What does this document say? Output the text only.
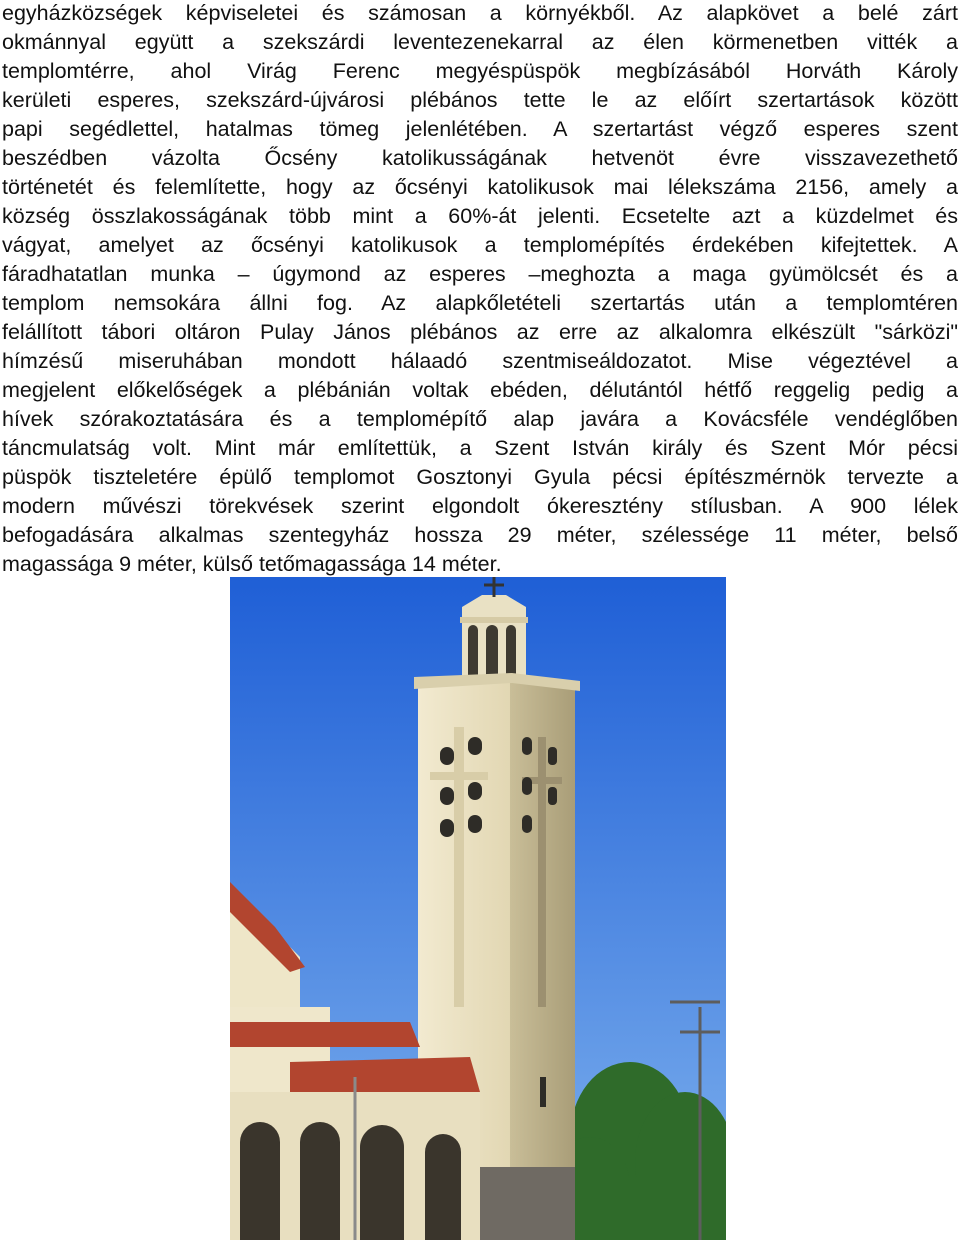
egyházközségek képviseletei és számosan a környékből. Az alapkövet a belé zárt
okmánnyal együtt a szekszárdi leventezenekarral az élen körmenetben vitték a
templomtérre, ahol Virág Ferenc megyéspüspök megbízásából Horváth Károly
kerületi esperes, szekszárd-újvárosi plébános tette le az előírt szertartások között
papi segédlettel, hatalmas tömeg jelenlétében. A szertartást végző esperes szent
beszédben vázolta Őcsény katolikusságának hetvenöt évre visszavezethető
történetét és felemlítette, hogy az őcsényi katolikusok mai lélekszáma 2156, amely a
község összlakosságának több mint a 60%-át jelenti. Ecsetelte azt a küzdelmet és
vágyat, amelyet az őcsényi katolikusok a templomépítés érdekében kifejtettek. A
fáradhatatlan munka – úgymond az esperes –meghozta a maga gyümölcsét és a
templom nemsokára állni fog. Az alapkőletételi szertartás után a templomtéren
felállított tábori oltáron Pulay János plébános az erre az alkalomra elkészült "sárközi"
hímzésű miseruhában mondott hálaadó szentmiseáldozatot. Mise végeztével a
megjelent előkelőségek a plébánián voltak ebéden, délutántól hétfő reggelig pedig a
hívek szórakoztatására és a templomépítő alap javára a Kovácsféle vendéglőben
táncmulatság volt. Mint már említettük, a Szent István király és Szent Mór pécsi
püspök tiszteletére épülő templomot Gosztonyi Gyula pécsi építészmérnök tervezte a
modern művészi törekvések szerint elgondolt ókeresztény stílusban. A 900 lélek
befogadására alkalmas szentegyház hossza 29 méter, szélessége 11 méter, belső
magassága 9 méter, külső tetőmagassága 14 méter.
